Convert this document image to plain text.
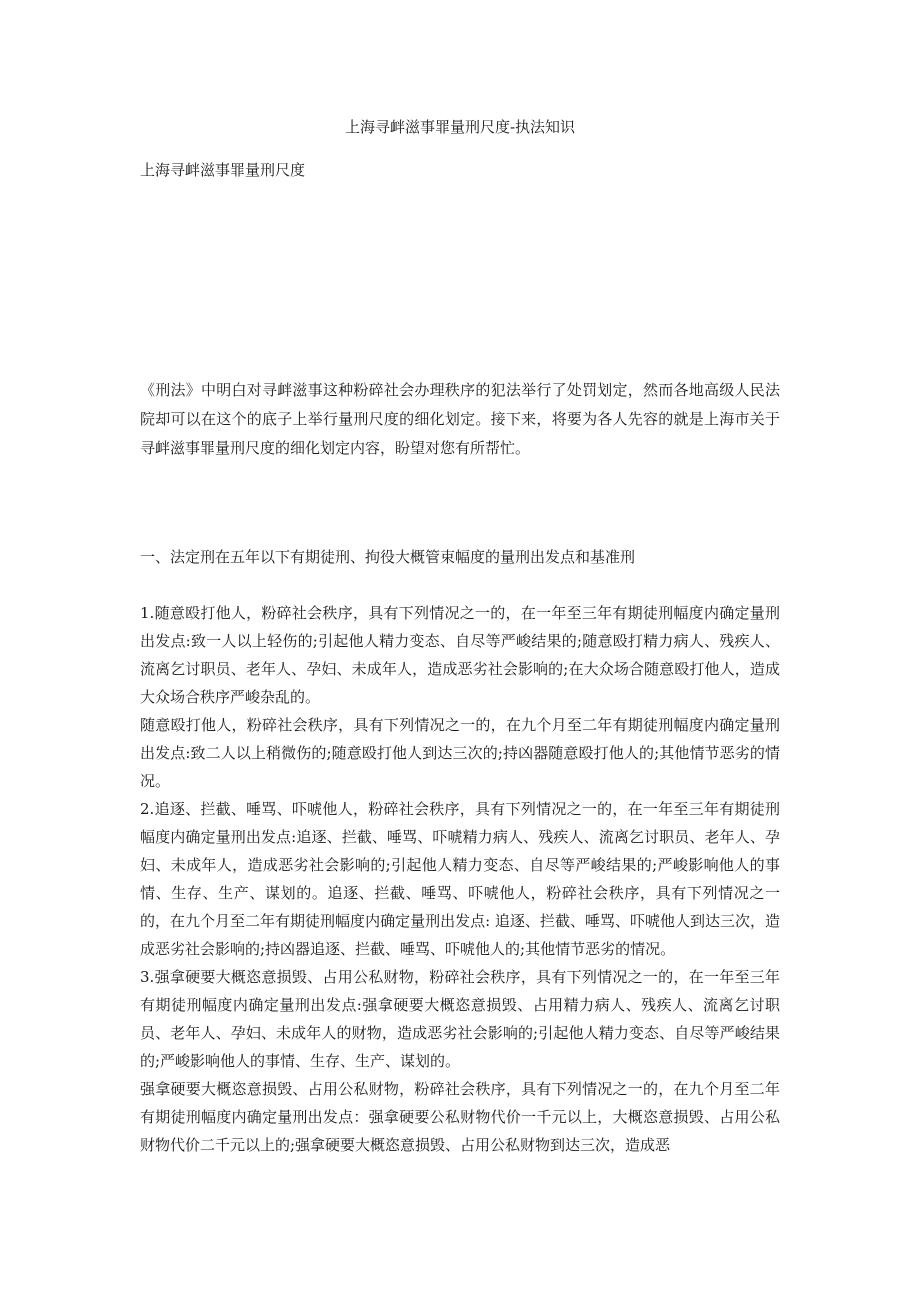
上海寻衅滋事罪量刑尺度-执法知识
上海寻衅滋事罪量刑尺度
《刑法》中明白对寻衅滋事这种粉碎社会办理秩序的犯法举行了处罚划定，然而各地高级人民法院却可以在这个的底子上举行量刑尺度的细化划定。接下来，将要为各人先容的就是上海市关于寻衅滋事罪量刑尺度的细化划定内容，盼望对您有所帮忙。
一、法定刑在五年以下有期徒刑、拘役大概管束幅度的量刑出发点和基准刑

1.随意殴打他人，粉碎社会秩序，具有下列情况之一的，在一年至三年有期徒刑幅度内确定量刑出发点:致一人以上轻伤的;引起他人精力变态、自尽等严峻结果的;随意殴打精力病人、残疾人、流离乞讨职员、老年人、孕妇、未成年人，造成恶劣社会影响的;在大众场合随意殴打他人，造成大众场合秩序严峻杂乱的。

随意殴打他人，粉碎社会秩序，具有下列情况之一的，在九个月至二年有期徒刑幅度内确定量刑出发点:致二人以上稍微伤的;随意殴打他人到达三次的;持凶器随意殴打他人的;其他情节恶劣的情况。

2.追逐、拦截、唾骂、吓唬他人，粉碎社会秩序，具有下列情况之一的，在一年至三年有期徒刑幅度内确定量刑出发点:追逐、拦截、唾骂、吓唬精力病人、残疾人、流离乞讨职员、老年人、孕妇、未成年人，造成恶劣社会影响的;引起他人精力变态、自尽等严峻结果的;严峻影响他人的事情、生存、生产、谋划的。追逐、拦截、唾骂、吓唬他人，粉碎社会秩序，具有下列情况之一的，在九个月至二年有期徒刑幅度内确定量刑出发点: 追逐、拦截、唾骂、吓唬他人到达三次，造成恶劣社会影响的;持凶器追逐、拦截、唾骂、吓唬他人的;其他情节恶劣的情况。

3.强拿硬要大概恣意损毁、占用公私财物，粉碎社会秩序，具有下列情况之一的，在一年至三年有期徒刑幅度内确定量刑出发点:强拿硬要大概恣意损毁、占用精力病人、残疾人、流离乞讨职员、老年人、孕妇、未成年人的财物，造成恶劣社会影响的;引起他人精力变态、自尽等严峻结果的;严峻影响他人的事情、生存、生产、谋划的。

强拿硬要大概恣意损毁、占用公私财物，粉碎社会秩序，具有下列情况之一的，在九个月至二年有期徒刑幅度内确定量刑出发点：强拿硬要公私财物代价一千元以上，大概恣意损毁、占用公私财物代价二千元以上的;强拿硬要大概恣意损毁、占用公私财物到达三次，造成恶
